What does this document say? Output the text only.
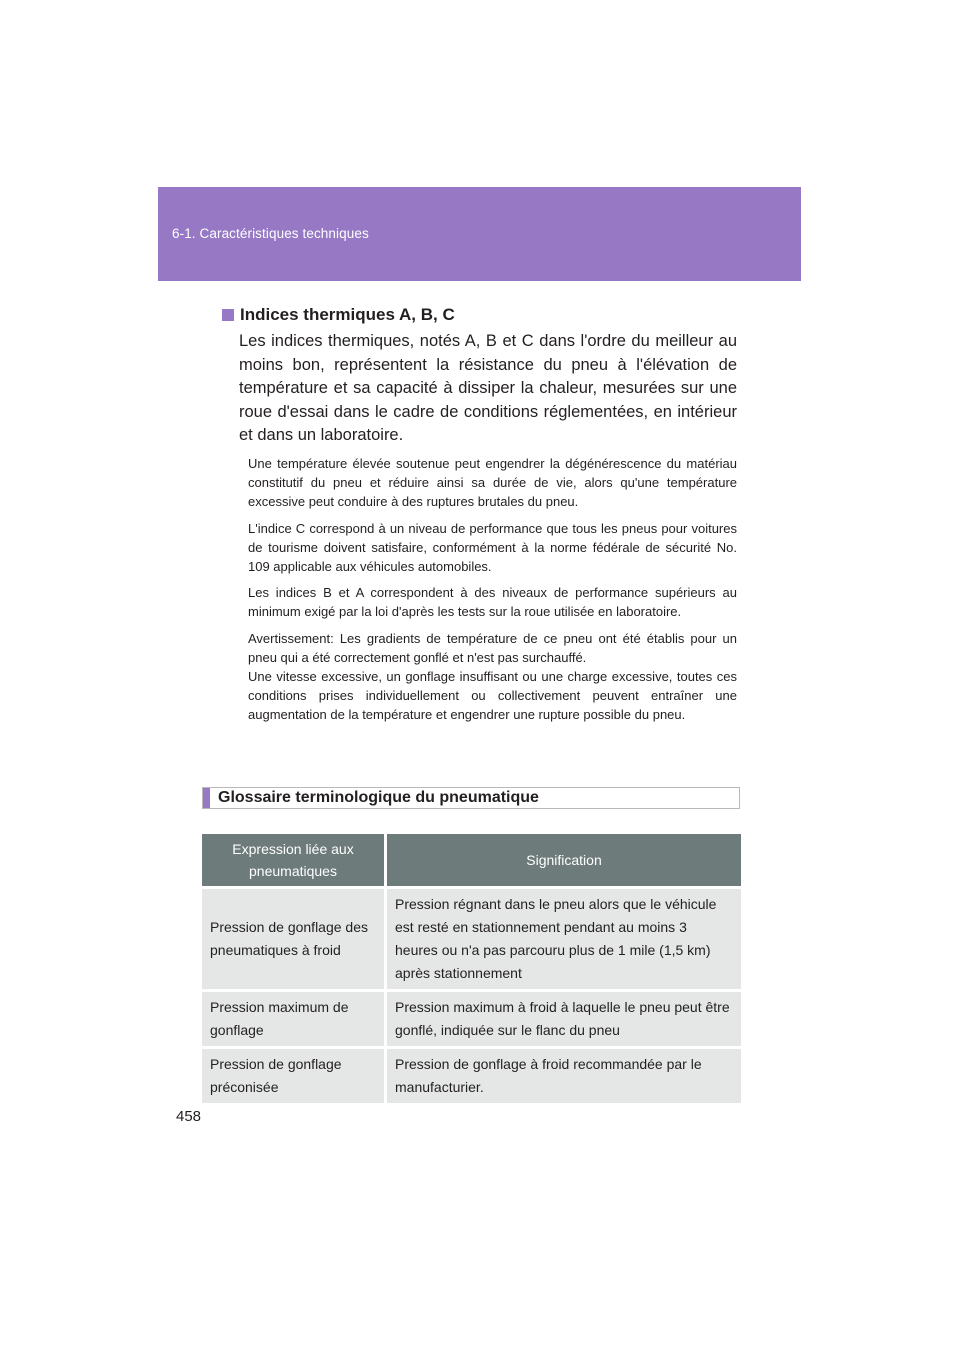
6-1. Caractéristiques techniques
Indices thermiques A, B, C

Les indices thermiques, notés A, B et C dans l'ordre du meilleur au moins bon, représentent la résistance du pneu à l'élévation de température et sa capacité à dissiper la chaleur, mesurées sur une roue d'essai dans le cadre de conditions réglementées, en intérieur et dans un laboratoire.

Une température élevée soutenue peut engendrer la dégénérescence du matériau constitutif du pneu et réduire ainsi sa durée de vie, alors qu'une température excessive peut conduire à des ruptures brutales du pneu.

L'indice C correspond à un niveau de performance que tous les pneus pour voitures de tourisme doivent satisfaire, conformément à la norme fédérale de sécurité No. 109 applicable aux véhicules automobiles.

Les indices B et A correspondent à des niveaux de performance supérieurs au minimum exigé par la loi d'après les tests sur la roue utilisée en laboratoire.

Avertissement: Les gradients de température de ce pneu ont été établis pour un pneu qui a été correctement gonflé et n'est pas surchauffé.

Une vitesse excessive, un gonflage insuffisant ou une charge excessive, toutes ces conditions prises individuellement ou collectivement peuvent entraîner une augmentation de la température et engendrer une rupture possible du pneu.

Glossaire terminologique du pneumatique
Expression liée aux pneumatiques	Signification
Pression de gonflage des pneumatiques à froid	Pression régnant dans le pneu alors que le véhicule est resté en stationnement pendant au moins 3 heures ou n'a pas parcouru plus de 1 mile (1,5 km) après stationnement
Pression maximum de gonflage	Pression maximum à froid à laquelle le pneu peut être gonflé, indiquée sur le flanc du pneu
Pression de gonflage préconisée	Pression de gonflage à froid recommandée par le manufacturier.
458
